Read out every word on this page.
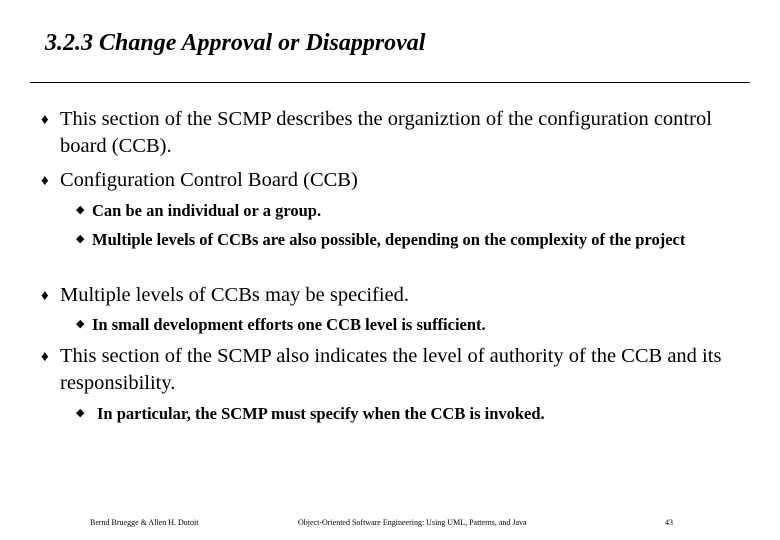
3.2.3 Change Approval or Disapproval
♦ This section of the SCMP describes the organiztion of the configuration control board (CCB).
♦ Configuration Control Board (CCB)
◆ Can be an individual or a group.
◆ Multiple levels of CCBs are also possible, depending on the complexity of the project
♦ Multiple levels of CCBs may be specified.
◆ In small development efforts one CCB level is sufficient.
♦ This section of the SCMP also indicates the level of authority of the CCB and its responsibility.
◆ In particular, the SCMP must specify when the CCB is invoked.
Bernd Bruegge & Allen H. Dutoit	Object-Oriented Software Engineering: Using UML, Patterns, and Java	43
